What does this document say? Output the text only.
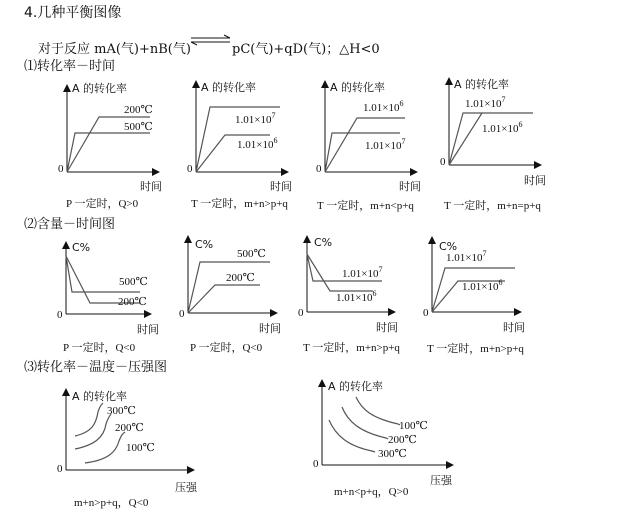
4.几种平衡图像
对于反应 mA(气)+nB(气)	pC(气)+qD(气)；△H<0
⑴转化率－时间
⑵含量－时间图
⑶转化率－温度－压强图
A 的转化率
0
时间
200℃
500℃
A 的转化率
0
时间
$1.01\times 10^7$
$1.01\times 10^6$
A 的转化率
0
时间
$1.01\times 10^6$
$1.01\times 10^7$
A 的转化率
0
时间
$1.01\times 10^7$
$1.01\times 10^6$
C%
0
时间
500℃
200℃
C%
0
时间
500℃
200℃
C%
0
时间
$1.01\times 10^7$
$1.01\times 10^6$
C%
0
时间
$1.01\times 10^7$
$1.01\times 10^6$
A 的转化率
0
压强
300℃
200℃
100℃
A 的转化率
0
压强
100℃
200℃
300℃
P 一定时，Q>0	T 一定时，m+n>p+q	T 一定时，m+n<p+q	T 一定时，m+n=p+q
P 一定时，Q<0	P 一定时，Q<0	T 一定时，m+n>p+q T 一定时，m+n>p+q
m+n>p+q，Q<0
m+n<p+q，Q>0
